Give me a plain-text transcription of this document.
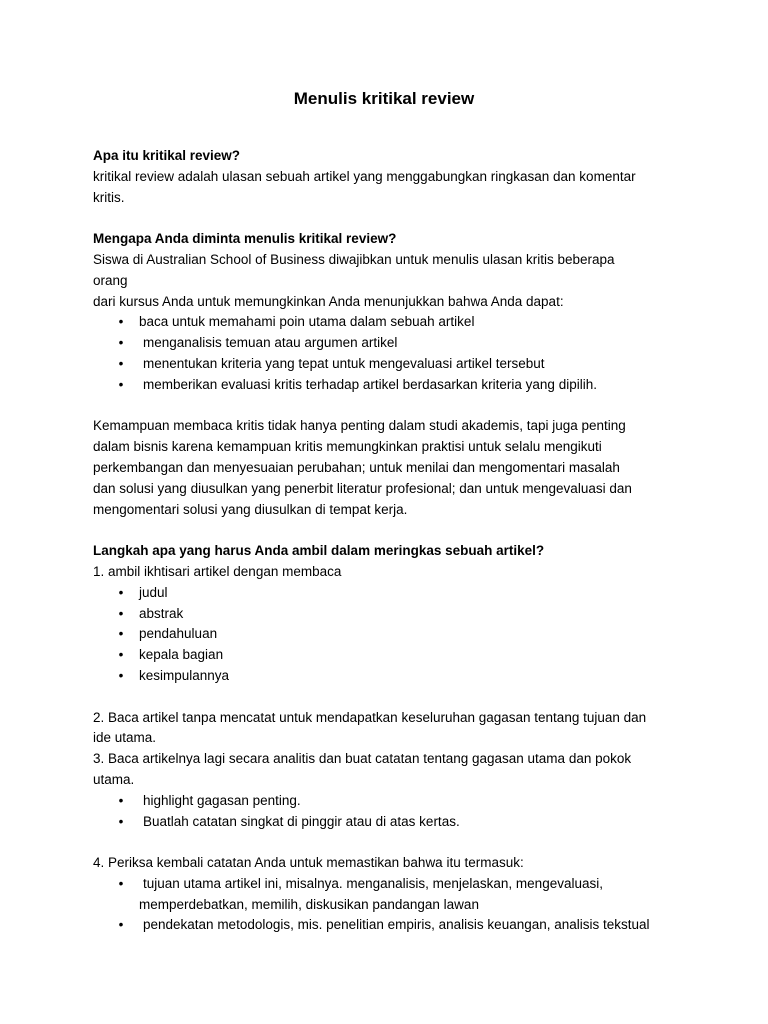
Menulis kritikal review
Apa itu kritikal review?
kritikal review adalah ulasan sebuah artikel yang menggabungkan ringkasan dan komentar
kritis.
Mengapa Anda diminta menulis kritikal review?
Siswa di Australian School of Business diwajibkan untuk menulis ulasan kritis beberapa
orang
dari kursus Anda untuk memungkinkan Anda menunjukkan bahwa Anda dapat:
• baca untuk memahami poin utama dalam sebuah artikel
• menganalisis temuan atau argumen artikel
• menentukan kriteria yang tepat untuk mengevaluasi artikel tersebut
• memberikan evaluasi kritis terhadap artikel berdasarkan kriteria yang dipilih.
Kemampuan membaca kritis tidak hanya penting dalam studi akademis, tapi juga penting
dalam bisnis karena kemampuan kritis memungkinkan praktisi untuk selalu mengikuti
perkembangan dan menyesuaian perubahan; untuk menilai dan mengomentari masalah
dan solusi yang diusulkan yang penerbit literatur profesional; dan untuk mengevaluasi dan
mengomentari solusi yang diusulkan di tempat kerja.
Langkah apa yang harus Anda ambil dalam meringkas sebuah artikel?
1. ambil ikhtisari artikel dengan membaca
• judul
• abstrak
• pendahuluan
• kepala bagian
• kesimpulannya
2. Baca artikel tanpa mencatat untuk mendapatkan keseluruhan gagasan tentang tujuan dan
ide utama.
3. Baca artikelnya lagi secara analitis dan buat catatan tentang gagasan utama dan pokok
utama.
• highlight gagasan penting.
• Buatlah catatan singkat di pinggir atau di atas kertas.
4. Periksa kembali catatan Anda untuk memastikan bahwa itu termasuk:
• tujuan utama artikel ini, misalnya. menganalisis, menjelaskan, mengevaluasi,
memperdebatkan, memilih, diskusikan pandangan lawan
• pendekatan metodologis, mis. penelitian empiris, analisis keuangan, analisis tekstual
